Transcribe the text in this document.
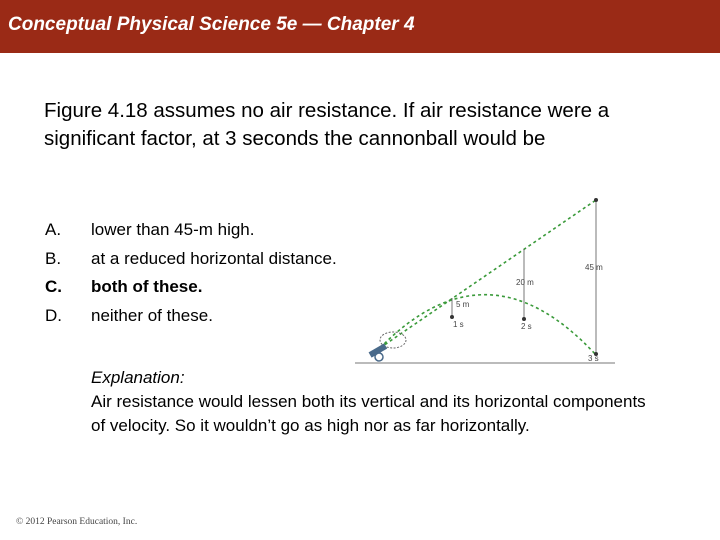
Conceptual Physical Science 5e — Chapter 4
Figure 4.18 assumes no air resistance. If air resistance were a significant factor, at 3 seconds the cannonball would be
A. lower than 45-m high.
B. at a reduced horizontal distance.
C. both of these.
D. neither of these.
5 m
20 m
45 m
1 s	2 s
3 s
Explanation:
Air resistance would lessen both its vertical and its horizontal components of velocity. So it wouldn’t go as high nor as far horizontally.
© 2012 Pearson Education, Inc.
